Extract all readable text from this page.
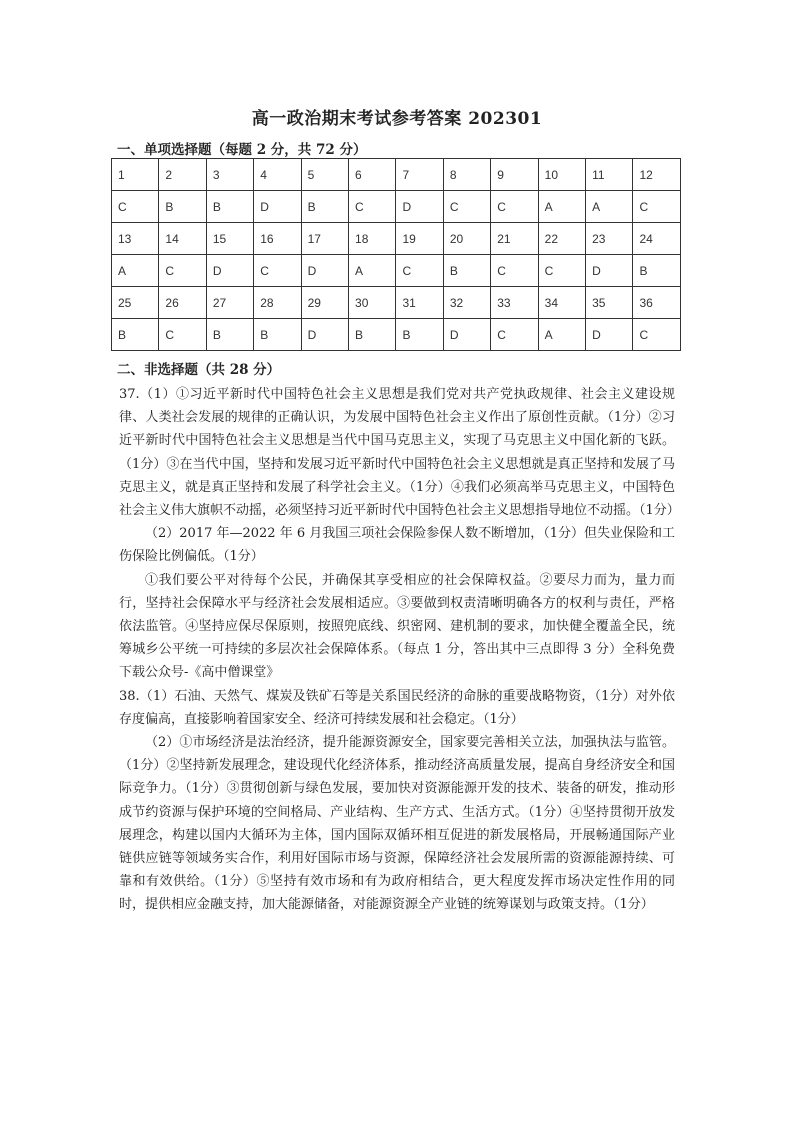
高一政治期末考试参考答案 202301
一、单项选择题（每题 2 分，共 72 分）
1	2	3	4	5	6	7	8	9	10	11	12
C	B	B	D	B	C	D	C	C	A	A	C
13	14	15	16	17	18	19	20	21	22	23	24
A	C	D	C	D	A	C	B	C	C	D	B
25	26	27	28	29	30	31	32	33	34	35	36
B	C	B	B	D	B	B	D	C	A	D	C
二、非选择题（共 28 分）

37.（1）①习近平新时代中国特色社会主义思想是我们党对共产党执政规律、社会主义建设规律、人类社会发展的规律的正确认识，为发展中国特色社会主义作出了原创性贡献。（1分）②习近平新时代中国特色社会主义思想是当代中国马克思主义，实现了马克思主义中国化新的飞跃。（1分）③在当代中国，坚持和发展习近平新时代中国特色社会主义思想就是真正坚持和发展了马克思主义，就是真正坚持和发展了科学社会主义。（1分）④我们必须高举马克思主义，中国特色社会主义伟大旗帜不动摇，必须坚持习近平新时代中国特色社会主义思想指导地位不动摇。（1分）

（2）2017 年—2022 年 6 月我国三项社会保险参保人数不断增加，（1分）但失业保险和工伤保险比例偏低。（1分）

①我们要公平对待每个公民，并确保其享受相应的社会保障权益。②要尽力而为，量力而行，坚持社会保障水平与经济社会发展相适应。③要做到权责清晰明确各方的权利与责任，严格依法监管。④坚持应保尽保原则，按照兜底线、织密网、建机制的要求，加快健全覆盖全民，统筹城乡公平统一可持续的多层次社会保障体系。（每点 1 分，答出其中三点即得 3 分）全科免费下载公众号-《高中僧课堂》

38.（1）石油、天然气、煤炭及铁矿石等是关系国民经济的命脉的重要战略物资，（1分）对外依存度偏高，直接影响着国家安全、经济可持续发展和社会稳定。（1分）

（2）①市场经济是法治经济，提升能源资源安全，国家要完善相关立法，加强执法与监管。（1分）②坚持新发展理念，建设现代化经济体系，推动经济高质量发展，提高自身经济安全和国际竞争力。（1分）③贯彻创新与绿色发展，要加快对资源能源开发的技术、装备的研发，推动形成节约资源与保护环境的空间格局、产业结构、生产方式、生活方式。（1分）④坚持贯彻开放发展理念，构建以国内大循环为主体，国内国际双循环相互促进的新发展格局，开展畅通国际产业链供应链等领域务实合作，利用好国际市场与资源，保障经济社会发展所需的资源能源持续、可靠和有效供给。（1分）⑤坚持有效市场和有为政府相结合，更大程度发挥市场决定性作用的同时，提供相应金融支持，加大能源储备，对能源资源全产业链的统筹谋划与政策支持。（1分）
